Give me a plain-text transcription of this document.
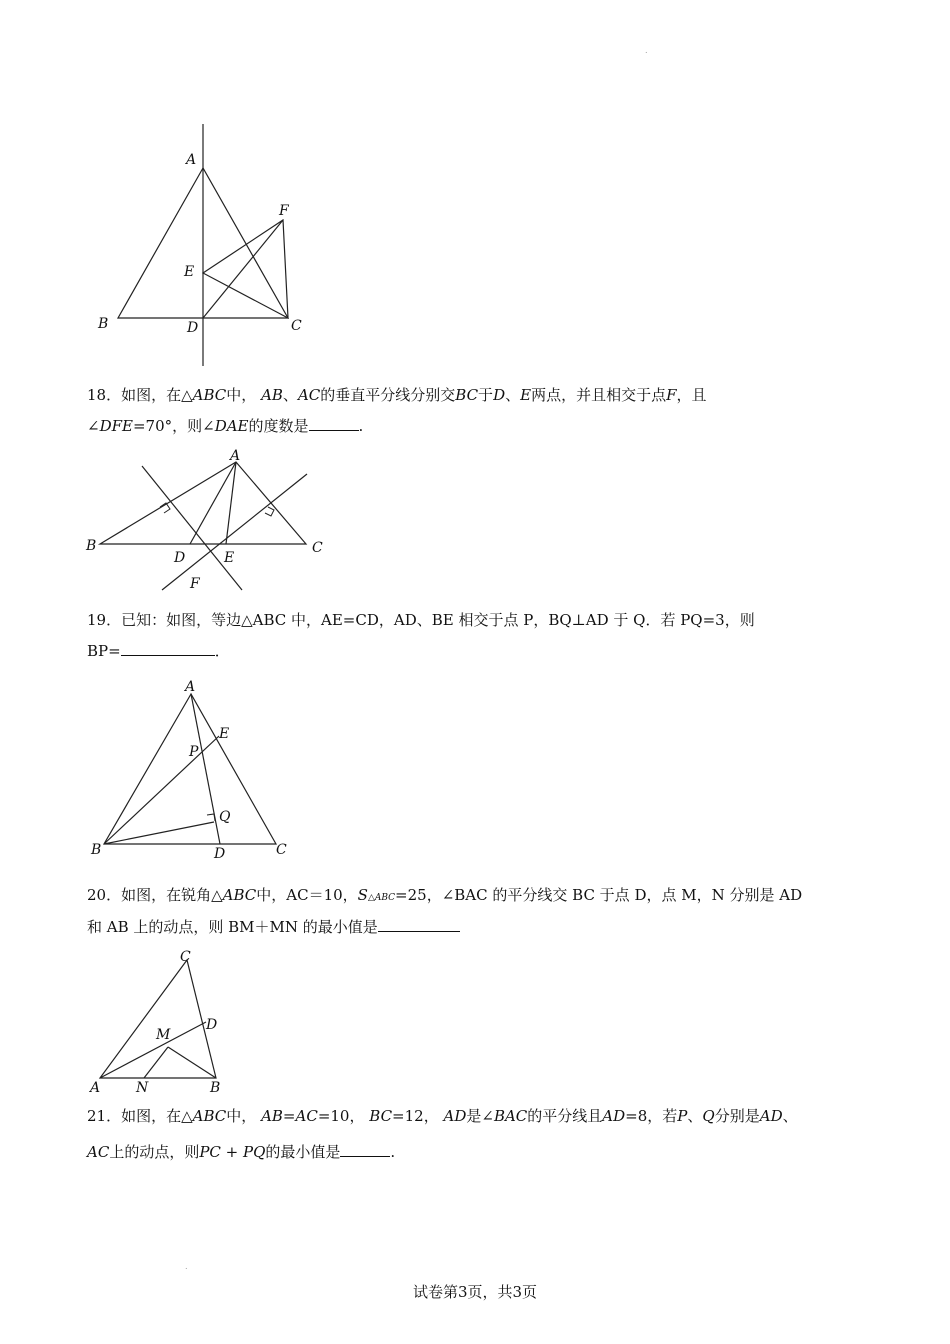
.
.
A
B	C
D
E
F
18．如图，在△ABC中， AB、AC的垂直平分线分别交BC于D、E两点，并且相交于点F，且
∠DFE=70°，则∠DAE的度数是	.
A
B	C
D	E
F
19．已知：如图，等边△ABC 中，AE=CD，AD、BE 相交于点 P，BQ⊥AD 于 Q．若 PQ=3，则
BP=	．
A
B	C
D
E
P
Q
20．如图，在锐角△ABC中，AC＝10，S△ABC=25，∠BAC 的平分线交 BC 于点 D，点 M，N 分别是 AD
和 AB 上的动点，则 BM＋MN 的最小值是
C
A	B
D
M
N
21．如图，在△ABC中， AB=AC=10， BC=12， AD是∠BAC的平分线且AD=8，若P、Q分别是AD、
AC上的动点，则PC + PQ的最小值是	.
试卷第3页，共3页
